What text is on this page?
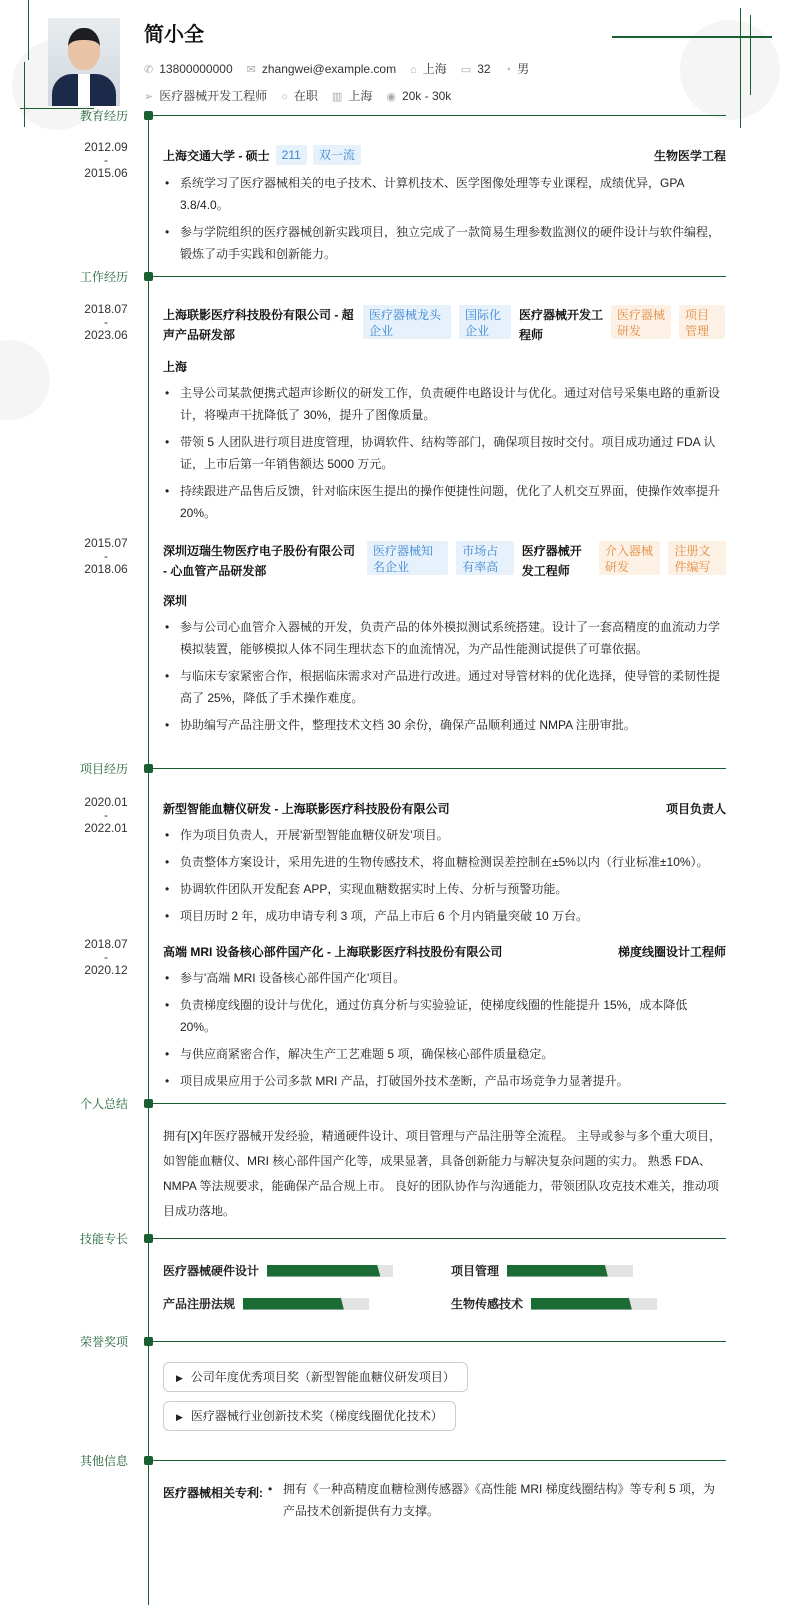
简小全
✆ 13800000000 ✉ zhangwei@example.com ⌂ 上海 ▭ 32 ◔ 男
➢ 医疗器械开发工程师 ○ 在职 ▥ 上海 ◉ 20k - 30k
教育经历
2012.09
-
2015.06
上海交通大学 - 硕士	211	双一流	生物医学工程
• 系统学习了医疗器械相关的电子技术、计算机技术、医学图像处理等专业课程，成绩优异，GPA 3.8/4.0。
• 参与学院组织的医疗器械创新实践项目，独立完成了一款简易生理参数监测仪的硬件设计与软件编程，锻炼了动手实践和创新能力。
工作经历
2018.07
-
2023.06
上海联影医疗科技股份有限公司 - 超声产品研发部
医疗器械龙头企业
国际化企业
医疗器械开发工程师
医疗器械研发
项目管理
上海
• 主导公司某款便携式超声诊断仪的研发工作，负责硬件电路设计与优化。通过对信号采集电路的重新设计，将噪声干扰降低了 30%，提升了图像质量。
• 带领 5 人团队进行项目进度管理，协调软件、结构等部门，确保项目按时交付。项目成功通过 FDA 认证，上市后第一年销售额达 5000 万元。
• 持续跟进产品售后反馈，针对临床医生提出的操作便捷性问题，优化了人机交互界面，使操作效率提升 20%。
2015.07
-
2018.06
深圳迈瑞生物医疗电子股份有限公司 - 心血管产品研发部
医疗器械知名企业
市场占有率高
医疗器械开发工程师
介入器械研发
注册文件编写
深圳
• 参与公司心血管介入器械的开发，负责产品的体外模拟测试系统搭建。设计了一套高精度的血流动力学模拟装置，能够模拟人体不同生理状态下的血流情况，为产品性能测试提供了可靠依据。
• 与临床专家紧密合作，根据临床需求对产品进行改进。通过对导管材料的优化选择，使导管的柔韧性提高了 25%，降低了手术操作难度。
• 协助编写产品注册文件，整理技术文档 30 余份，确保产品顺利通过 NMPA 注册审批。
项目经历
2020.01
-
2022.01
新型智能血糖仪研发 - 上海联影医疗科技股份有限公司	项目负责人
• 作为项目负责人，开展'新型智能血糖仪研发'项目。
• 负责整体方案设计，采用先进的生物传感技术，将血糖检测误差控制在±5%以内（行业标准±10%）。
• 协调软件团队开发配套 APP，实现血糖数据实时上传、分析与预警功能。
• 项目历时 2 年，成功申请专利 3 项，产品上市后 6 个月内销量突破 10 万台。
2018.07
-
2020.12
高端 MRI 设备核心部件国产化 - 上海联影医疗科技股份有限公司	梯度线圈设计工程师
• 参与'高端 MRI 设备核心部件国产化'项目。
• 负责梯度线圈的设计与优化，通过仿真分析与实验验证，使梯度线圈的性能提升 15%，成本降低 20%。
• 与供应商紧密合作，解决生产工艺难题 5 项，确保核心部件质量稳定。
• 项目成果应用于公司多款 MRI 产品，打破国外技术垄断，产品市场竞争力显著提升。
个人总结
拥有[X]年医疗器械开发经验，精通硬件设计、项目管理与产品注册等全流程。 主导或参与多个重大项目，如智能血糖仪、MRI 核心部件国产化等，成果显著，具备创新能力与解决复杂问题的实力。 熟悉 FDA、NMPA 等法规要求，能确保产品合规上市。 良好的团队协作与沟通能力，带领团队攻克技术难关，推动项目成功落地。
技能专长
医疗器械硬件设计	项目管理
产品注册法规	生物传感技术
荣誉奖项
▶ 公司年度优秀项目奖（新型智能血糖仪研发项目）
▶ 医疗器械行业创新技术奖（梯度线圈优化技术）
其他信息
医疗器械相关专利:	• 拥有《一种高精度血糖检测传感器》《高性能 MRI 梯度线圈结构》等专利 5 项，为产品技术创新提供有力支撑。
